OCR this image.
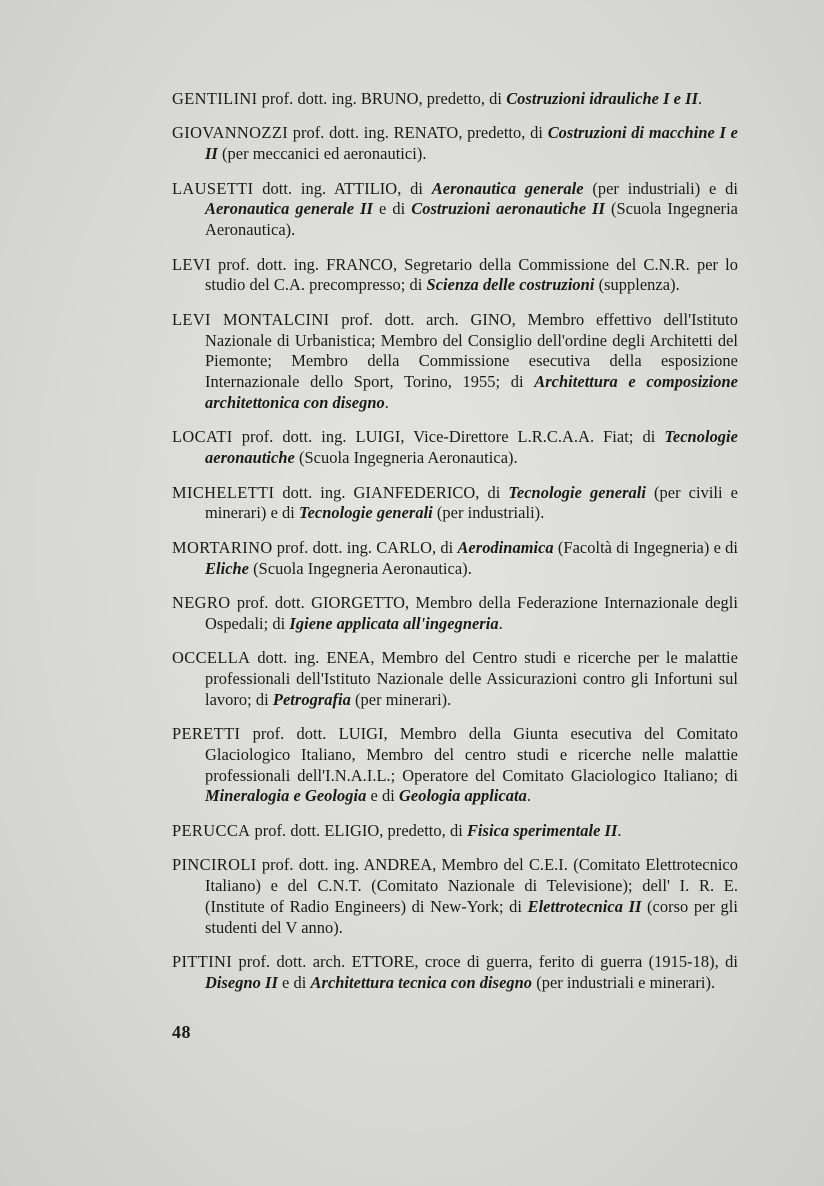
GENTILINI prof. dott. ing. BRUNO, predetto, di Costruzioni idrauliche I e II.

GIOVANNOZZI prof. dott. ing. RENATO, predetto, di Costruzioni di macchine I e II (per meccanici ed aeronautici).

LAUSETTI dott. ing. ATTILIO, di Aeronautica generale (per industriali) e di Aeronautica generale II e di Costruzioni aeronautiche II (Scuola Ingegneria Aeronautica).

LEVI prof. dott. ing. FRANCO, Segretario della Commissione del C.N.R. per lo studio del C.A. precompresso; di Scienza delle costruzioni (supplenza).

LEVI MONTALCINI prof. dott. arch. GINO, Membro effettivo dell'Istituto Nazionale di Urbanistica; Membro del Consiglio dell'ordine degli Architetti del Piemonte; Membro della Commissione esecutiva della esposizione Internazionale dello Sport, Torino, 1955; di Architettura e composizione architettonica con disegno.

LOCATI prof. dott. ing. LUIGI, Vice-Direttore L.R.C.A.A. Fiat; di Tecnologie aeronautiche (Scuola Ingegneria Aeronautica).

MICHELETTI dott. ing. GIANFEDERICO, di Tecnologie generali (per civili e minerari) e di Tecnologie generali (per industriali).

MORTARINO prof. dott. ing. CARLO, di Aerodinamica (Facoltà di Ingegneria) e di Eliche (Scuola Ingegneria Aeronautica).

NEGRO prof. dott. GIORGETTO, Membro della Federazione Internazionale degli Ospedali; di Igiene applicata all'ingegneria.

OCCELLA dott. ing. ENEA, Membro del Centro studi e ricerche per le malattie professionali dell'Istituto Nazionale delle Assicurazioni contro gli Infortuni sul lavoro; di Petrografia (per minerari).

PERETTI prof. dott. LUIGI, Membro della Giunta esecutiva del Comitato Glaciologico Italiano, Membro del centro studi e ricerche nelle malattie professionali dell'I.N.A.I.L.; Operatore del Comitato Glaciologico Italiano; di Mineralogia e Geologia e di Geologia applicata.

PERUCCA prof. dott. ELIGIO, predetto, di Fisica sperimentale II.

PINCIROLI prof. dott. ing. ANDREA, Membro del C.E.I. (Comitato Elettrotecnico Italiano) e del C.N.T. (Comitato Nazionale di Televisione); dell' I. R. E. (Institute of Radio Engineers) di New-York; di Elettrotecnica II (corso per gli studenti del V anno).

PITTINI prof. dott. arch. ETTORE, croce di guerra, ferito di guerra (1915-18), di Disegno II e di Architettura tecnica con disegno (per industriali e minerari).

48
